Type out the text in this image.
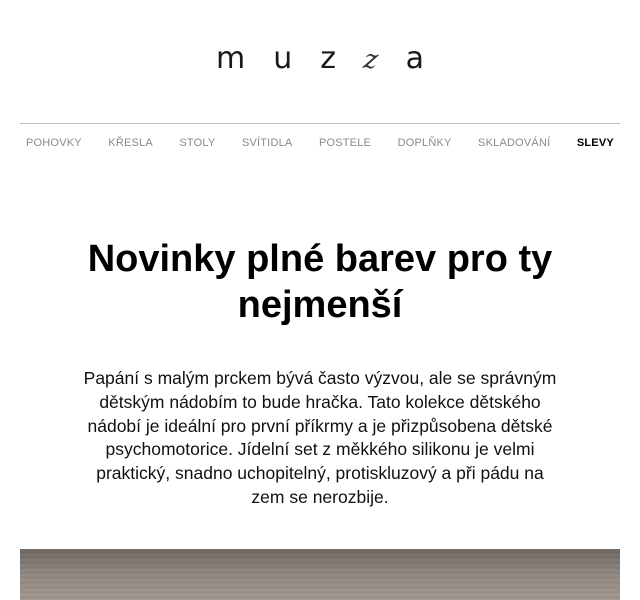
m u z z a
POHOVKY KŘESLA STOLY SVÍTIDLA POSTELE DOPLŇKY SKLADOVÁNÍ SLEVY
Novinky plné barev pro ty nejmenší

Papání s malým prckem bývá často výzvou, ale se správným dětským nádobím to bude hračka. Tato kolekce dětského nádobí je ideální pro první příkrmy a je přizpůsobena dětské psychomotorice. Jídelní set z měkkého silikonu je velmi praktický, snadno uchopitelný, protiskluzový a při pádu na zem se nerozbije.
